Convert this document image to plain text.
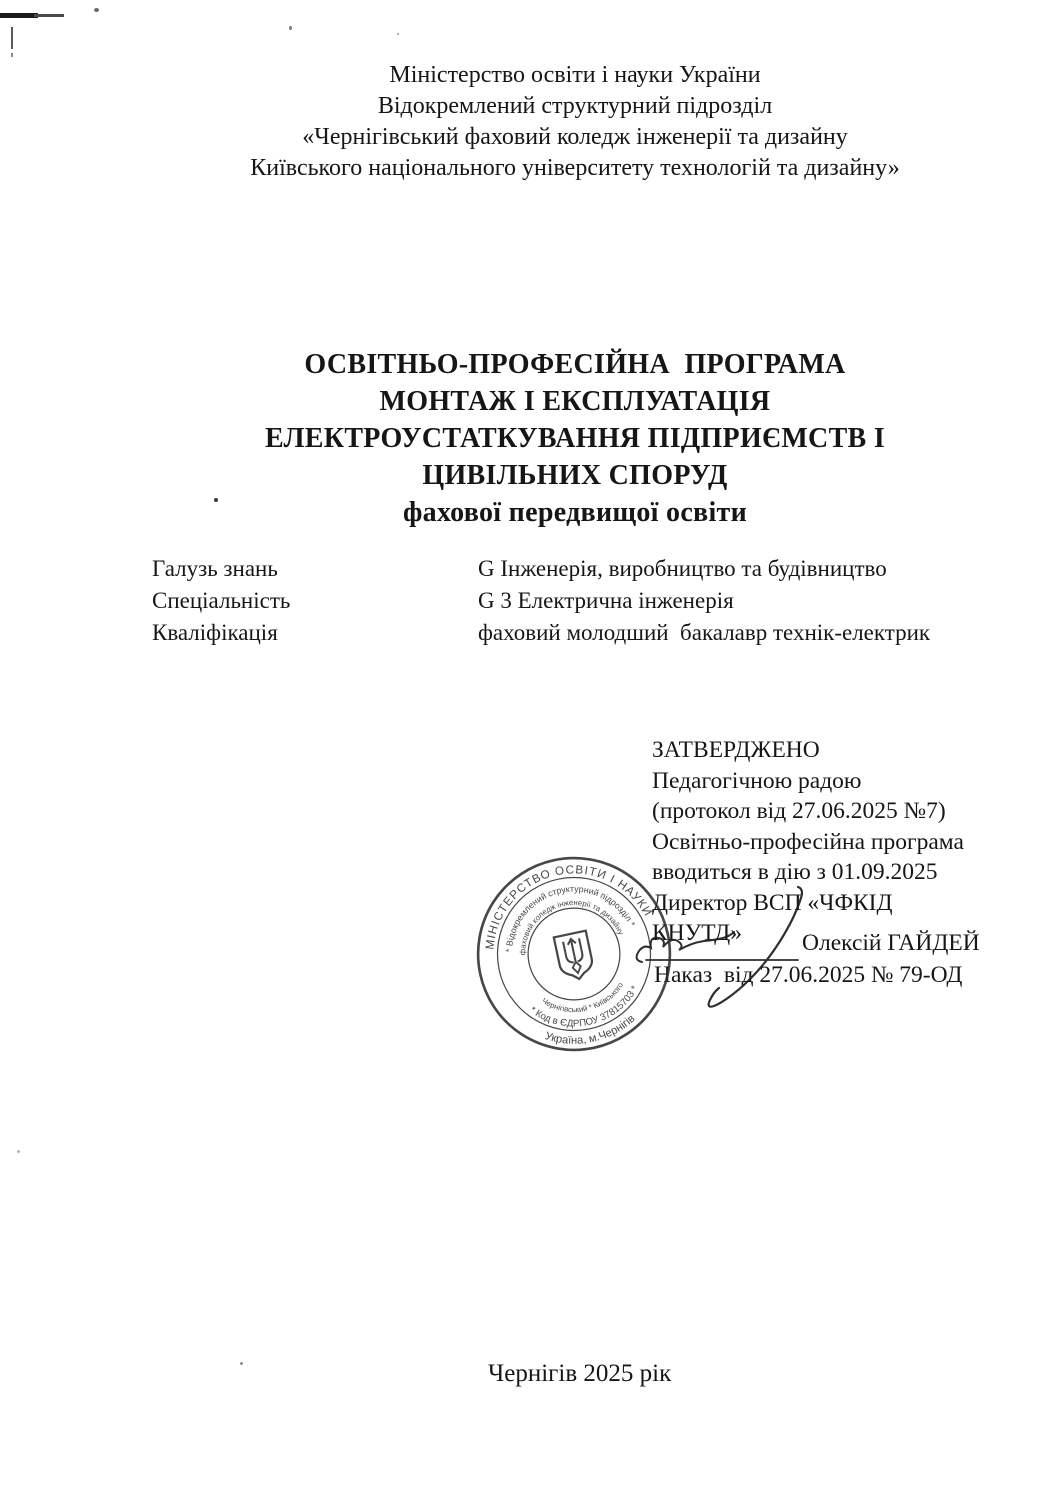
Міністерство освіти і науки України
Відокремлений структурний підрозділ
«Чернігівський фаховий коледж інженерії та дизайну
Київського національного університету технологій та дизайну»
ОСВІТНЬО-ПРОФЕСІЙНА  ПРОГРАМА
МОНТАЖ І ЕКСПЛУАТАЦІЯ
ЕЛЕКТРОУСТАТКУВАННЯ ПІДПРИЄМСТВ І
ЦИВІЛЬНИХ СПОРУД
фахової передвищої освіти
Галузь знань	G Інженерія, виробництво та будівництво
Спеціальність	G 3 Електрична інженерія
Кваліфікація	фаховий молодший  бакалавр технік-електрик
ЗАТВЕРДЖЕНО
Педагогічною радою
(протокол від 27.06.2025 №7)
Освітньо-професійна програма
вводиться в дію з 01.09.2025
Директор ВСП «ЧФКІД
КНУТД»	Олексій ГАЙДЕЙ
Наказ  від 27.06.2025 № 79-ОД
МІНІСТЕРСТВО ОСВІТИ І НАУКИ
Україна, м.Чернігів
* Відокремлений структурний підрозділ *
* Код в ЄДРПОУ 37815703 *
фаховий коледж інженерії та дизайну
Чернігівський * Київського
Чернігів 2025 рік
